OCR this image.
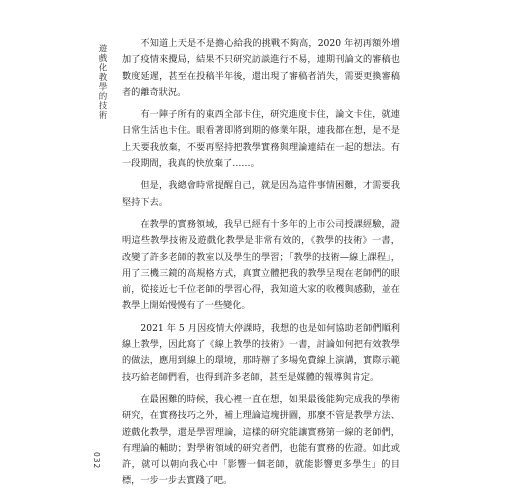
遊戲化教學的技術

不知道上天是不是擔心給我的挑戰不夠高，2020 年初再額外增加了疫情來攪局，結果不只研究訪談進行不易，連期刊論文的審稿也數度延遲，甚至在投稿半年後，還出現了審稿者消失，需要更換審稿者的離奇狀況。

有一陣子所有的東西全部卡住，研究進度卡住，論文卡住，就連日常生活也卡住。眼看著即將到期的修業年限，連我都在想，是不是上天要我放棄，不要再堅持把教學實務與理論連結在一起的想法。有一段期間，我真的快放棄了……。

但是，我總會時常提醒自己，就是因為這件事情困難，才需要我堅持下去。

在教學的實務領域，我早已經有十多年的上市公司授課經驗，證明這些教學技術及遊戲化教學是非常有效的，《教學的技術》一書，改變了許多老師的教室以及學生的學習；「教學的技術—線上課程」，用了三機三鏡的高規格方式，真實立體把我的教學呈現在老師們的眼前，從接近七千位老師的學習心得，我知道大家的收穫與感動，並在教學上開始慢慢有了一些變化。

2021 年 5 月因疫情大停課時，我想的也是如何協助老師們順利線上教學，因此寫了《線上教學的技術》一書，討論如何把有效教學的做法，應用到線上的環境，那時辦了多場免費線上演講，實際示範技巧給老師們看，也得到許多老師，甚至是媒體的報導與肯定。

在最困難的時候，我心裡一直在想，如果最後能夠完成我的學術研究，在實務技巧之外，補上理論這塊拼圖，那麼不管是教學方法、遊戲化教學，還是學習理論，這樣的研究能讓實務第一線的老師們，有理論的輔助；對學術領域的研究者們，也能有實務的佐證。如此或許，就可以朝向我心中「影響一個老師，就能影響更多學生」的目標，一步一步去實踐了吧。

032
